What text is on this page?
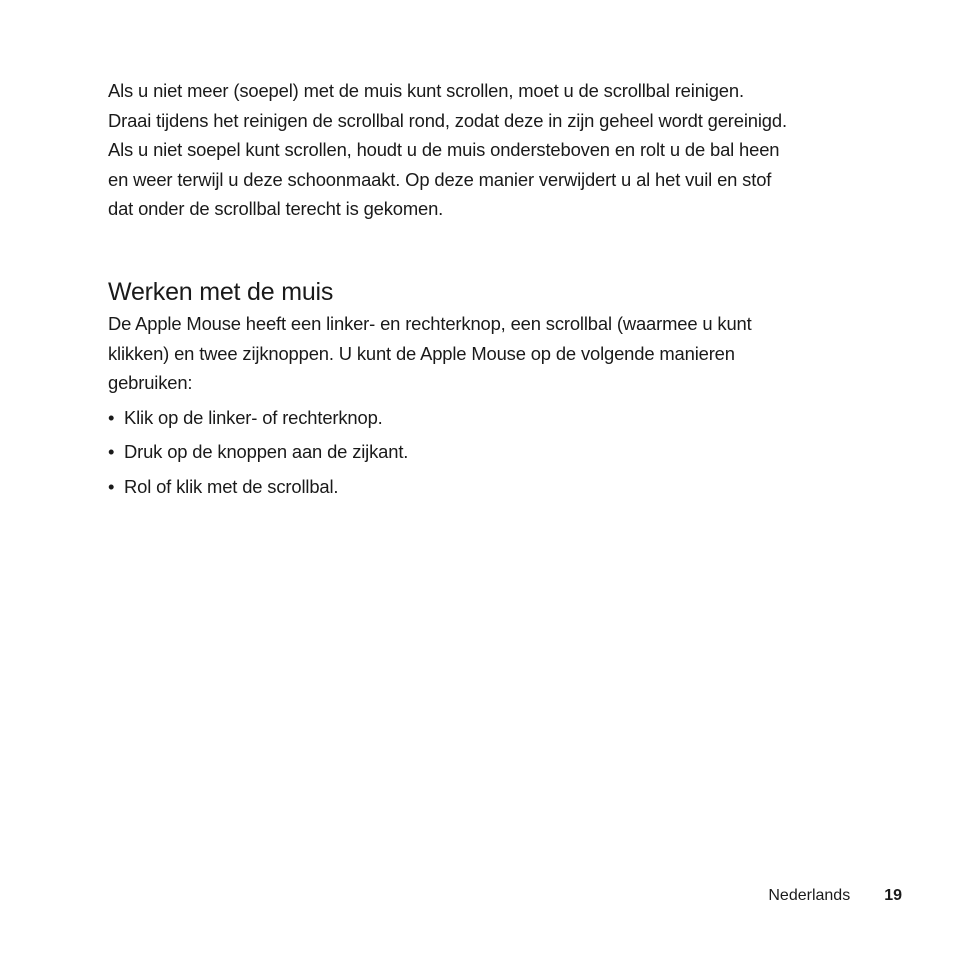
Als u niet meer (soepel) met de muis kunt scrollen, moet u de scrollbal reinigen.
Draai tijdens het reinigen de scrollbal rond, zodat deze in zijn geheel wordt gereinigd.
Als u niet soepel kunt scrollen, houdt u de muis ondersteboven en rolt u de bal heen
en weer terwijl u deze schoonmaakt. Op deze manier verwijdert u al het vuil en stof
dat onder de scrollbal terecht is gekomen.

Werken met de muis

De Apple Mouse heeft een linker- en rechterknop, een scrollbal (waarmee u kunt
klikken) en twee zijknoppen. U kunt de Apple Mouse op de volgende manieren
gebruiken:

• Klik op de linker- of rechterknop.
• Druk op de knoppen aan de zijkant.
• Rol of klik met de scrollbal.
Nederlands 19
